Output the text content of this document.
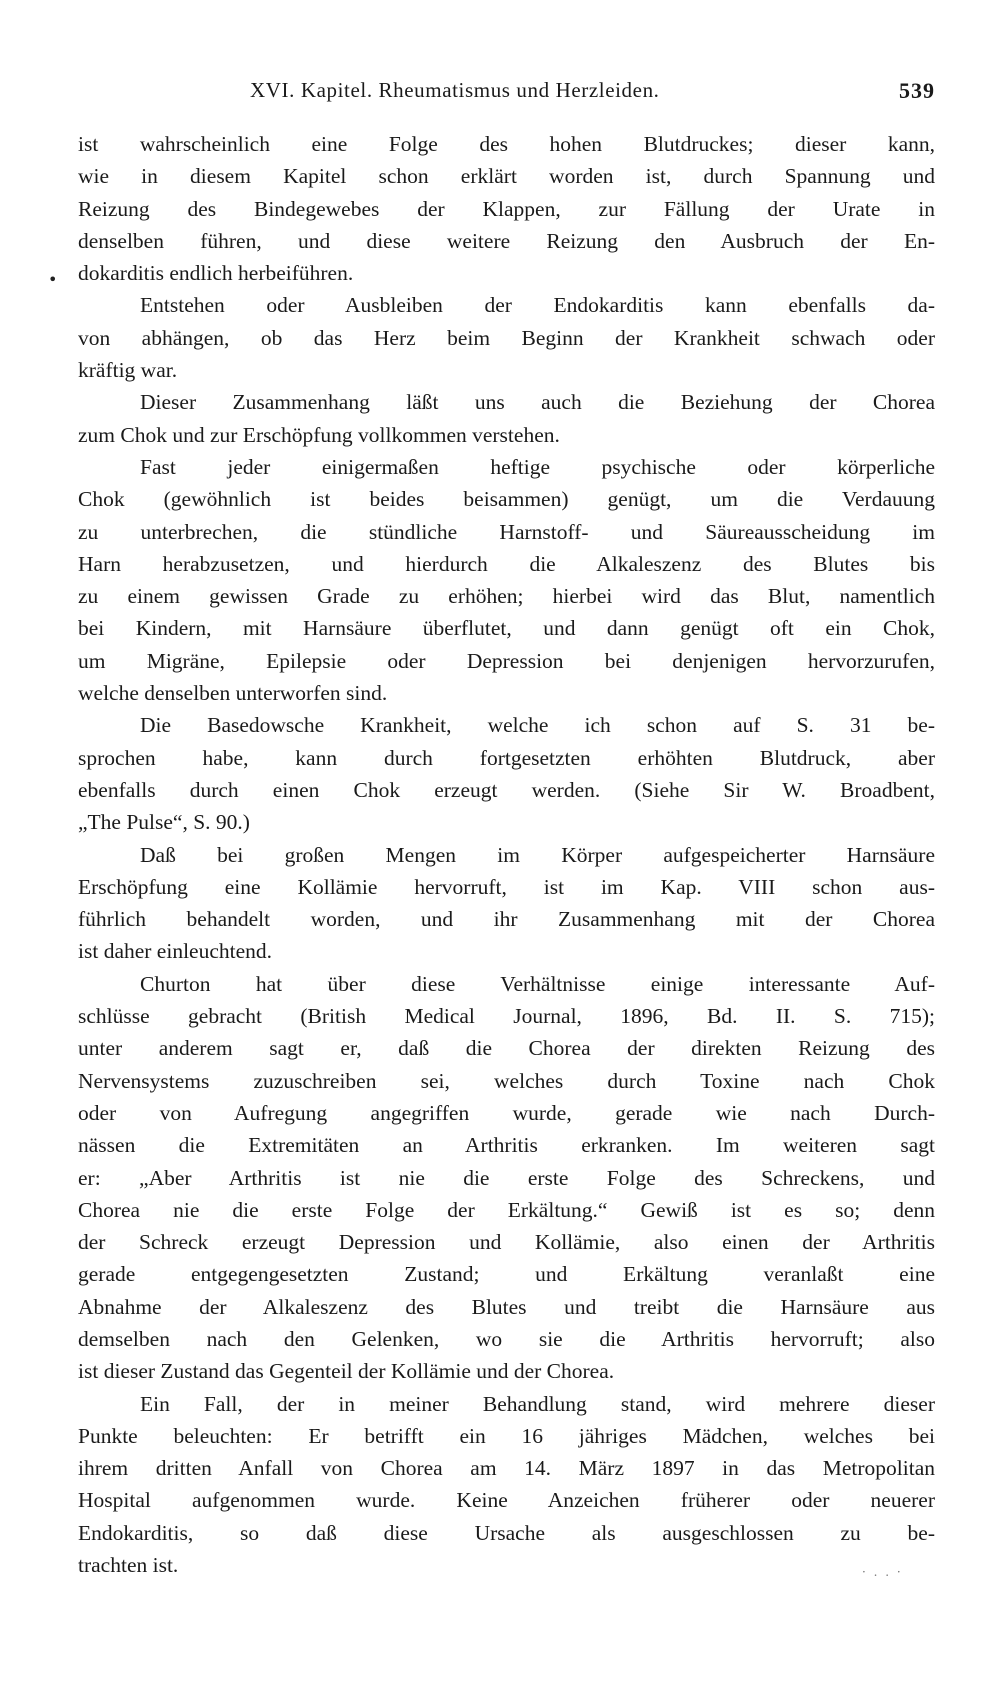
XVI. Kapitel. Rheumatismus und Herzleiden.	539
•
ist wahrscheinlich eine Folge des hohen Blutdruckes; dieser kann,
wie in diesem Kapitel schon erklärt worden ist, durch Spannung und
Reizung des Bindegewebes der Klappen, zur Fällung der Urate in
denselben führen, und diese weitere Reizung den Ausbruch der En-
dokarditis endlich herbeiführen.
Entstehen oder Ausbleiben der Endokarditis kann ebenfalls da-
von abhängen, ob das Herz beim Beginn der Krankheit schwach oder
kräftig war.
Dieser Zusammenhang läßt uns auch die Beziehung der Chorea
zum Chok und zur Erschöpfung vollkommen verstehen.
Fast jeder einigermaßen heftige psychische oder körperliche
Chok (gewöhnlich ist beides beisammen) genügt, um die Verdauung
zu unterbrechen, die stündliche Harnstoff- und Säureausscheidung im
Harn herabzusetzen, und hierdurch die Alkaleszenz des Blutes bis
zu einem gewissen Grade zu erhöhen; hierbei wird das Blut, namentlich
bei Kindern, mit Harnsäure überflutet, und dann genügt oft ein Chok,
um Migräne, Epilepsie oder Depression bei denjenigen hervorzurufen,
welche denselben unterworfen sind.
Die Basedowsche Krankheit, welche ich schon auf S. 31 be-
sprochen habe, kann durch fortgesetzten erhöhten Blutdruck, aber
ebenfalls durch einen Chok erzeugt werden. (Siehe Sir W. Broadbent,
„The Pulse“, S. 90.)
Daß bei großen Mengen im Körper aufgespeicherter Harnsäure
Erschöpfung eine Kollämie hervorruft, ist im Kap. VIII schon aus-
führlich behandelt worden, und ihr Zusammenhang mit der Chorea
ist daher einleuchtend.
Churton hat über diese Verhältnisse einige interessante Auf-
schlüsse gebracht (British Medical Journal, 1896, Bd. II. S. 715);
unter anderem sagt er, daß die Chorea der direkten Reizung des
Nervensystems zuzuschreiben sei, welches durch Toxine nach Chok
oder von Aufregung angegriffen wurde, gerade wie nach Durch-
nässen die Extremitäten an Arthritis erkranken. Im weiteren sagt
er: „Aber Arthritis ist nie die erste Folge des Schreckens, und
Chorea nie die erste Folge der Erkältung.“ Gewiß ist es so; denn
der Schreck erzeugt Depression und Kollämie, also einen der Arthritis
gerade entgegengesetzten Zustand; und Erkältung veranlaßt eine
Abnahme der Alkaleszenz des Blutes und treibt die Harnsäure aus
demselben nach den Gelenken, wo sie die Arthritis hervorruft; also
ist dieser Zustand das Gegenteil der Kollämie und der Chorea.
Ein Fall, der in meiner Behandlung stand, wird mehrere dieser
Punkte beleuchten: Er betrifft ein 16 jähriges Mädchen, welches bei
ihrem dritten Anfall von Chorea am 14. März 1897 in das Metropolitan
Hospital aufgenommen wurde. Keine Anzeichen früherer oder neuerer
Endokarditis, so daß diese Ursache als ausgeschlossen zu be-
trachten ist.	· . . ·
